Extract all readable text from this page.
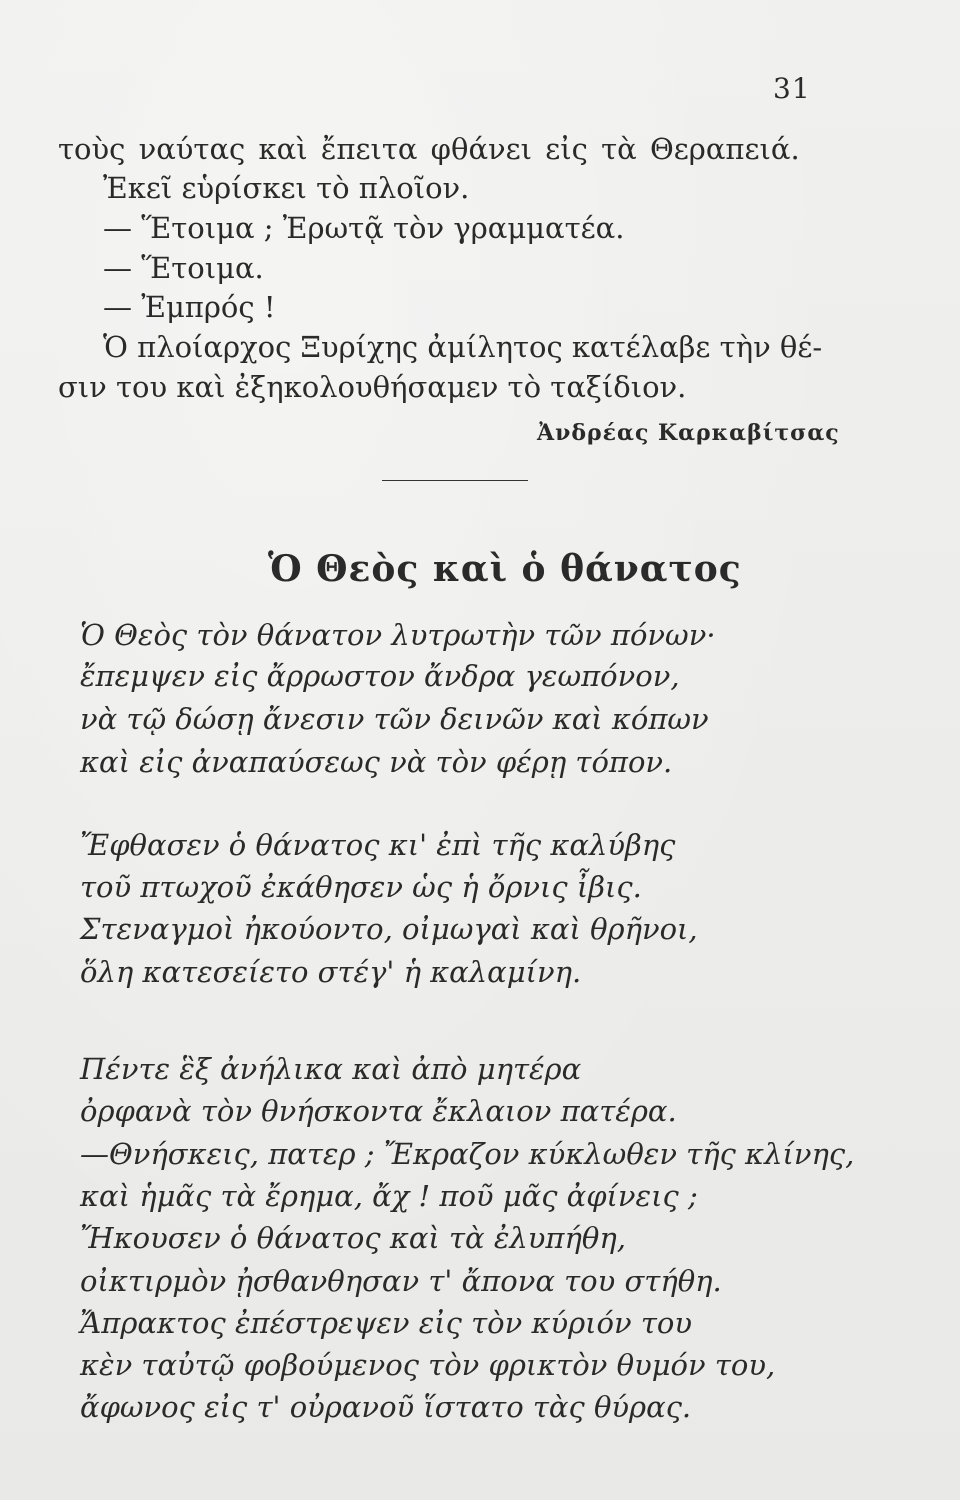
31
τοὺς ναύτας καὶ ἔπειτα φθάνει εἰς τὰ Θεραπειά.
Ἐκεῖ εὑρίσκει τὸ πλοῖον.
— Ἕτοιμα ; Ἐρωτᾷ τὸν γραμματέα.
— Ἕτοιμα.
— Ἐμπρός !
Ὁ πλοίαρχος Ξυρίχης ἀμίλητος κατέλαβε τὴν θέ-
σιν του καὶ ἐξηκολουθήσαμεν τὸ ταξίδιον.
Ἀνδρέας Καρκαβίτσας
Ὁ Θεὸς καὶ ὁ θάνατος
Ὁ Θεὸς τὸν θάνατον λυτρωτὴν τῶν πόνων·
ἔπεμψεν εἰς ἄρρωστον ἄνδρα γεωπόνον,
νὰ τῷ δώσῃ ἄνεσιν τῶν δεινῶν καὶ κόπων
καὶ εἰς ἀναπαύσεως νὰ τὸν φέρῃ τόπον.
Ἔφθασεν ὁ θάνατος κι' ἐπὶ τῆς καλύβης
τοῦ πτωχοῦ ἐκάθησεν ὡς ἡ ὄρνις ἶβις.
Στεναγμοὶ ἠκούοντο, οἰμωγαὶ καὶ θρῆνοι,
ὅλη κατεσείετο στέγ' ἡ καλαμίνη.
Πέντε ἓξ ἀνήλικα καὶ ἀπὸ μητέρα
ὀρφανὰ τὸν θνήσκοντα ἔκλαιον πατέρα.
—Θνήσκεις, πατερ ; Ἔκραζον κύκλωθεν τῆς κλίνης,
καὶ ἡμᾶς τὰ ἔρημα, ἄχ ! ποῦ μᾶς ἀφίνεις ;
Ἤκουσεν ὁ θάνατος καὶ τὰ ἐλυπήθη,
οἰκτιρμὸν ᾐσθανθησαν τ' ἄπονα του στήθη.
Ἄπρακτος ἐπέστρεψεν εἰς τὸν κύριόν του
κὲν ταὐτῷ φοβούμενος τὸν φρικτὸν θυμόν του,
ἄφωνος εἰς τ' οὐρανοῦ ἵστατο τὰς θύρας.
